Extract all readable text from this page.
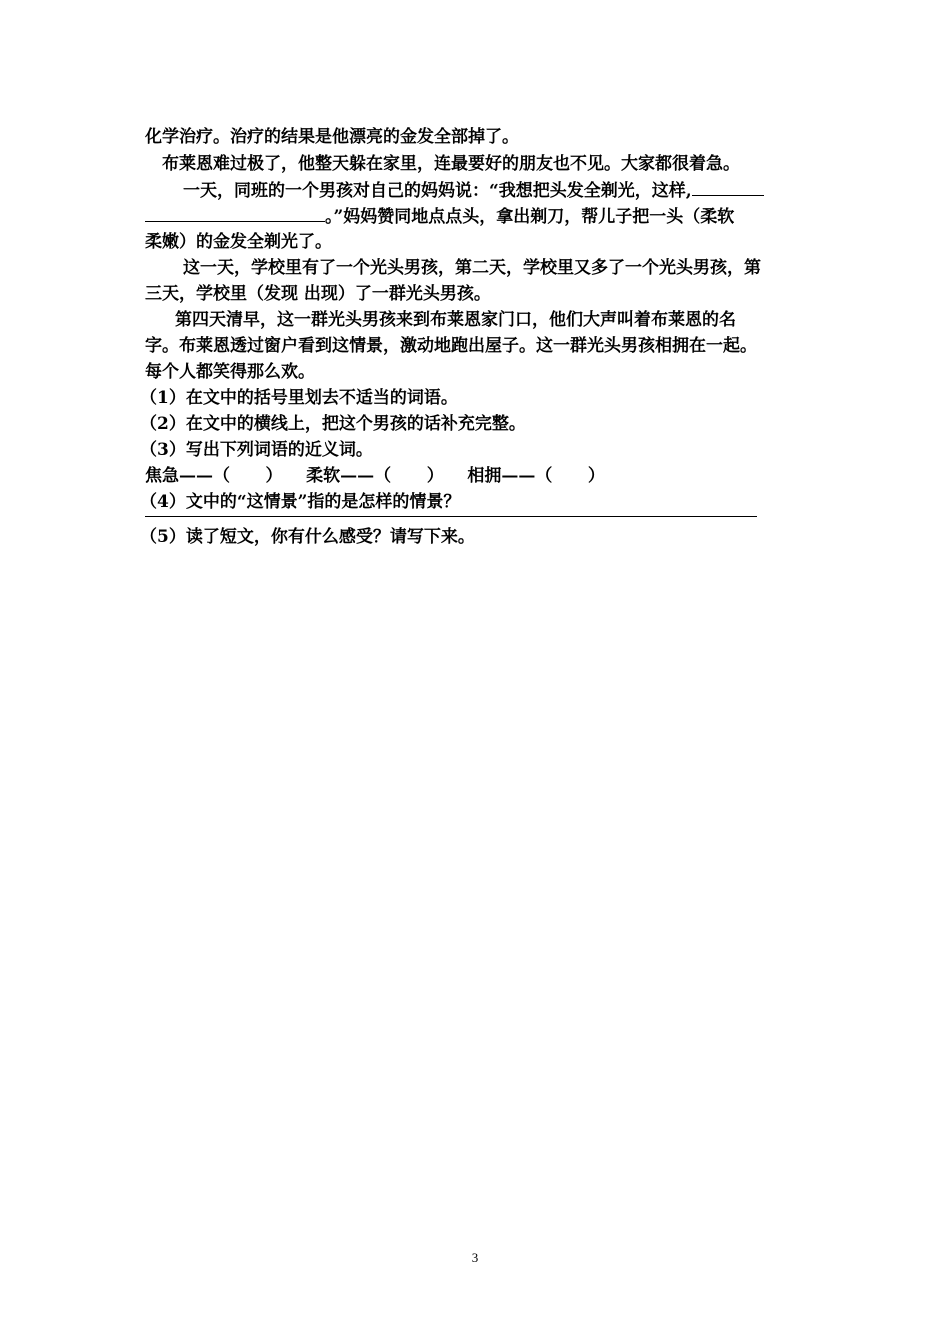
化学治疗。治疗的结果是他漂亮的金发全部掉了。
布莱恩难过极了，他整天躲在家里，连最要好的朋友也不见。大家都很着急。
一天，同班的一个男孩对自己的妈妈说：“我想把头发全剃光，这样,
。”妈妈赞同地点点头，拿出剃刀，帮儿子把一头（柔软
柔嫩）的金发全剃光了。
这一天，学校里有了一个光头男孩，第二天，学校里又多了一个光头男孩，第
三天，学校里（发现 出现）了一群光头男孩。
第四天清早，这一群光头男孩来到布莱恩家门口，他们大声叫着布莱恩的名
字。布莱恩透过窗户看到这情景，激动地跑出屋子。这一群光头男孩相拥在一起。
每个人都笑得那么欢。
（1）在文中的括号里划去不适当的词语。
（2）在文中的横线上，把这个男孩的话补充完整。
（3）写出下列词语的近义词。
焦急——（      ）    柔软——（      ）    相拥——（      ）
（4）文中的“这情景”指的是怎样的情景？
（5）读了短文，你有什么感受？请写下来。
3
